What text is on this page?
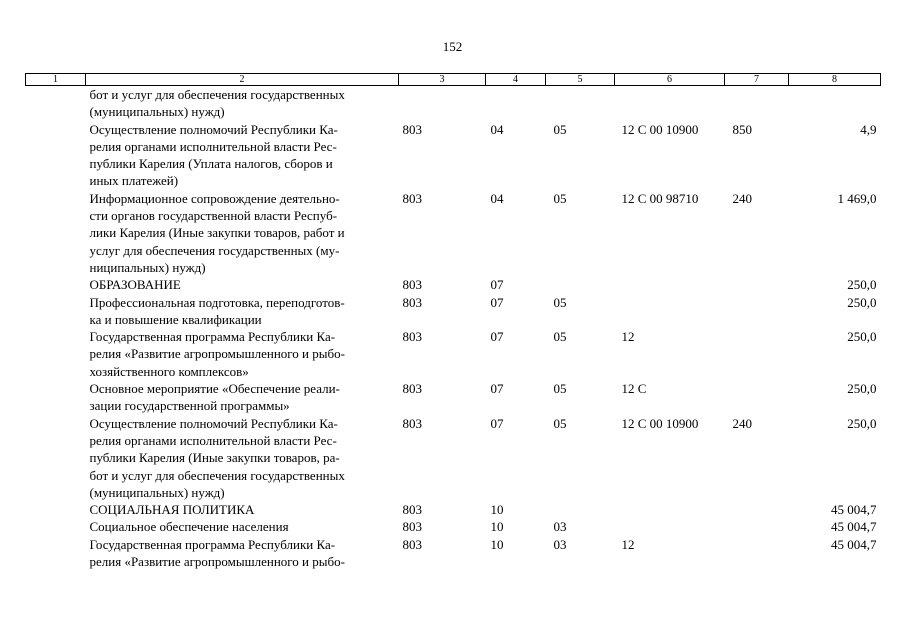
152
1	2	3	4	5	6	7	8

	бот и услуг для обеспечения государственных
(муниципальных) нужд)						

	Осуществление полномочий Республики Ка-
релия органами исполнительной власти Рес-
публики Карелия (Уплата налогов, сборов и
иных платежей)	803	04	05	12 С 00 10900	850	4,9

	Информационное сопровождение деятельно-
сти органов государственной власти Респуб-
лики Карелия (Иные закупки товаров, работ и
услуг для обеспечения государственных (му-
ниципальных) нужд)	803	04	05	12 С 00 98710	240	1 469,0

	ОБРАЗОВАНИЕ	803	07				250,0

	Профессиональная подготовка, переподготов-
ка и повышение квалификации	803	07	05			250,0

	Государственная программа Республики Ка-
релия «Развитие агропромышленного и рыбо-
хозяйственного комплексов»	803	07	05	12		250,0

	Основное мероприятие «Обеспечение реали-
зации государственной программы»	803	07	05	12 С		250,0

	Осуществление полномочий Республики Ка-
релия органами исполнительной власти Рес-
публики Карелия (Иные закупки товаров, ра-
бот и услуг для обеспечения государственных
(муниципальных) нужд)	803	07	05	12 С 00 10900	240	250,0

	СОЦИАЛЬНАЯ ПОЛИТИКА	803	10				45 004,7

	Социальное обеспечение населения	803	10	03			45 004,7

	Государственная программа Республики Ка-
релия «Развитие агропромышленного и рыбо-	803	10	03	12		45 004,7
